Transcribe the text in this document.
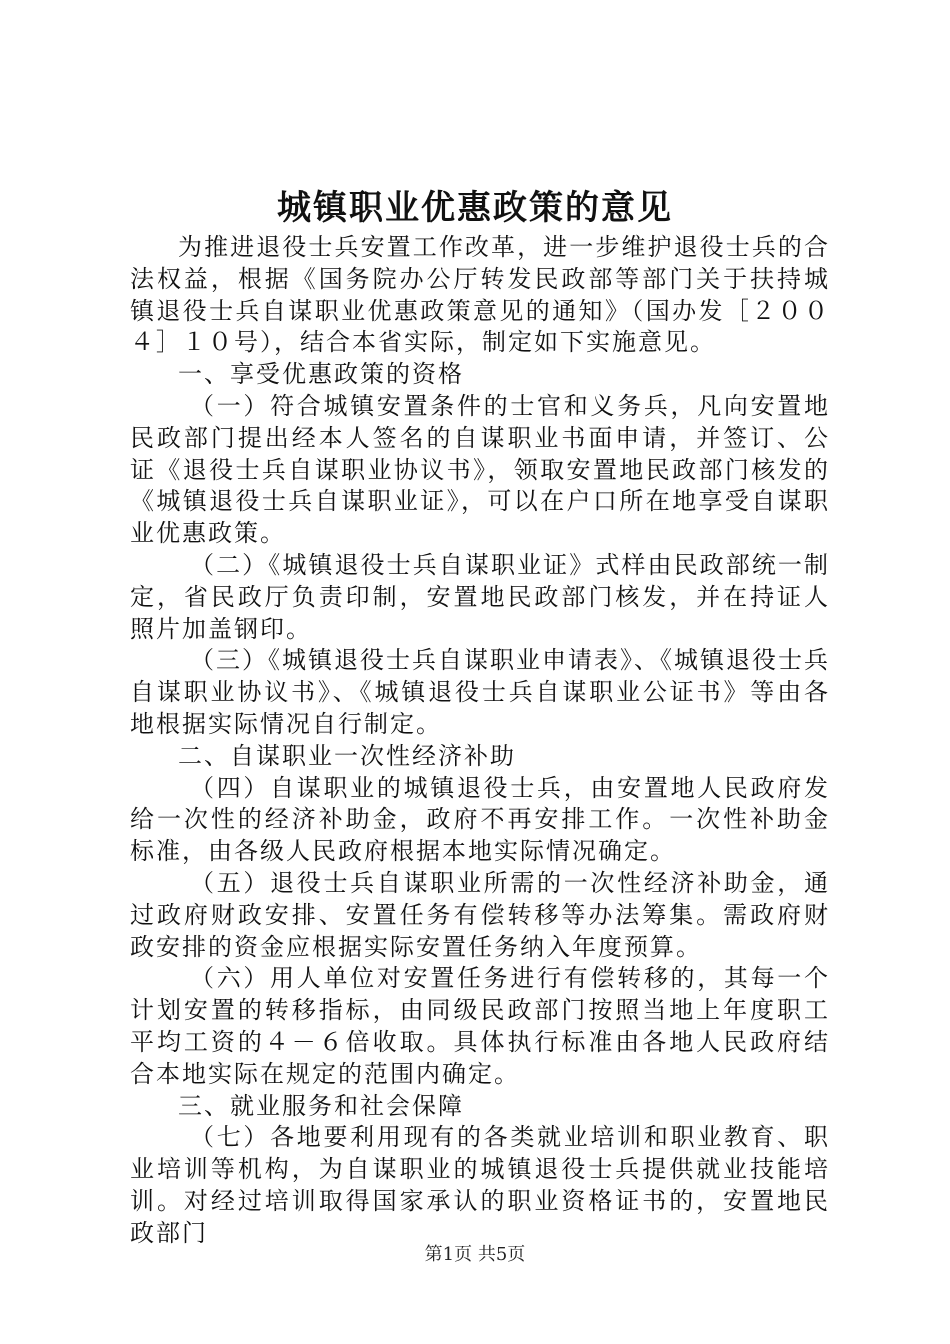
城镇职业优惠政策的意见

为推进退役士兵安置工作改革，进一步维护退役士兵的合法权益，根据《国务院办公厅转发民政部等部门关于扶持城镇退役士兵自谋职业优惠政策意见的通知》（国办发［２００４］１０号），结合本省实际，制定如下实施意见。

一、享受优惠政策的资格

（一）符合城镇安置条件的士官和义务兵，凡向安置地民政部门提出经本人签名的自谋职业书面申请，并签订、公证《退役士兵自谋职业协议书》，领取安置地民政部门核发的《城镇退役士兵自谋职业证》，可以在户口所在地享受自谋职业优惠政策。

（二）《城镇退役士兵自谋职业证》式样由民政部统一制定，省民政厅负责印制，安置地民政部门核发，并在持证人照片加盖钢印。

（三）《城镇退役士兵自谋职业申请表》、《城镇退役士兵自谋职业协议书》、《城镇退役士兵自谋职业公证书》等由各地根据实际情况自行制定。

二、自谋职业一次性经济补助

（四）自谋职业的城镇退役士兵，由安置地人民政府发给一次性的经济补助金，政府不再安排工作。一次性补助金标准，由各级人民政府根据本地实际情况确定。

（五）退役士兵自谋职业所需的一次性经济补助金，通过政府财政安排、安置任务有偿转移等办法筹集。需政府财政安排的资金应根据实际安置任务纳入年度预算。

（六）用人单位对安置任务进行有偿转移的，其每一个计划安置的转移指标，由同级民政部门按照当地上年度职工平均工资的４－６倍收取。具体执行标准由各地人民政府结合本地实际在规定的范围内确定。

三、就业服务和社会保障

（七）各地要利用现有的各类就业培训和职业教育、职业培训等机构，为自谋职业的城镇退役士兵提供就业技能培训。对经过培训取得国家承认的职业资格证书的，安置地民政部门

第1页 共5页
